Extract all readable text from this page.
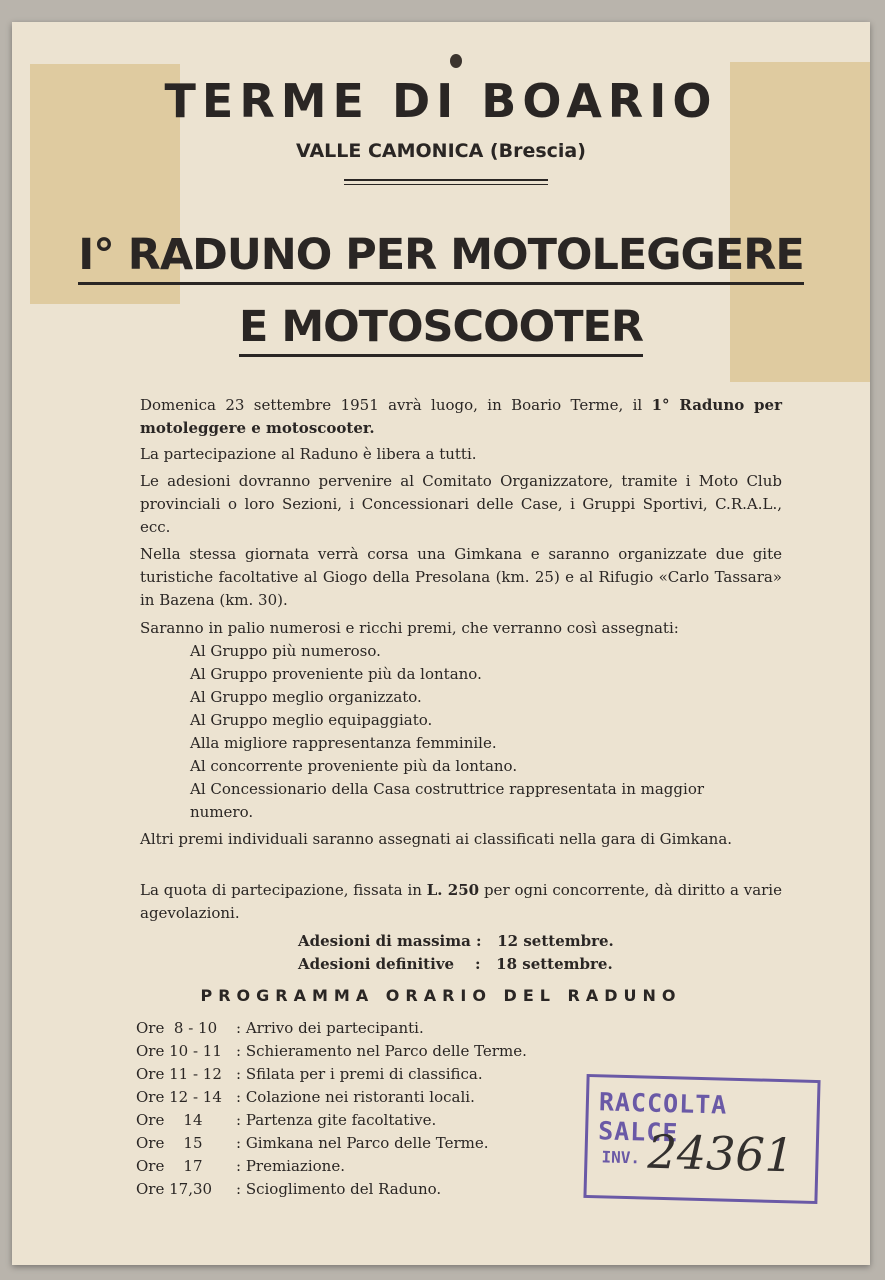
TERME DI BOARIO
VALLE CAMONICA (Brescia)
I° RADUNO PER MOTOLEGGERE
E MOTOSCOOTER
Domenica 23 settembre 1951 avrà luogo, in Boario Terme, il 1° Raduno per motoleggere e motoscooter.
La partecipazione al Raduno è libera a tutti.
Le adesioni dovranno pervenire al Comitato Organizzatore, tramite i Moto Club provinciali o loro Sezioni, i Concessionari delle Case, i Gruppi Sportivi, C.R.A.L., ecc.
Nella stessa giornata verrà corsa una Gimkana e saranno organizzate due gite turistiche facoltative al Giogo della Presolana (km. 25) e al Rifugio «Carlo Tassara» in Bazena (km. 30).
Saranno in palio numerosi e ricchi premi, che verranno così assegnati:
Al Gruppo più numeroso.
Al Gruppo proveniente più da lontano.
Al Gruppo meglio organizzato.
Al Gruppo meglio equipaggiato.
Alla migliore rappresentanza femminile.
Al concorrente proveniente più da lontano.
Al Concessionario della Casa costruttrice rappresentata in maggior numero.
Altri premi individuali saranno assegnati ai classificati nella gara di Gimkana.
La quota di partecipazione, fissata in L. 250 per ogni concorrente, dà diritto a varie agevolazioni.
Adesioni di massima :   12 settembre.
Adesioni definitive    :   18 settembre.
PROGRAMMA ORARIO DEL RADUNO
Ore  8 - 10 : Arrivo dei partecipanti.
Ore 10 - 11 : Schieramento nel Parco delle Terme.
Ore 11 - 12 : Sfilata per i premi di classifica.
Ore 12 - 14 : Colazione nei ristoranti locali.
Ore    14 : Partenza gite facoltative.
Ore    15 : Gimkana nel Parco delle Terme.
Ore    17 : Premiazione.
Ore 17,30 : Scioglimento del Raduno.
RACCOLTA SALCE
INV. 24361
